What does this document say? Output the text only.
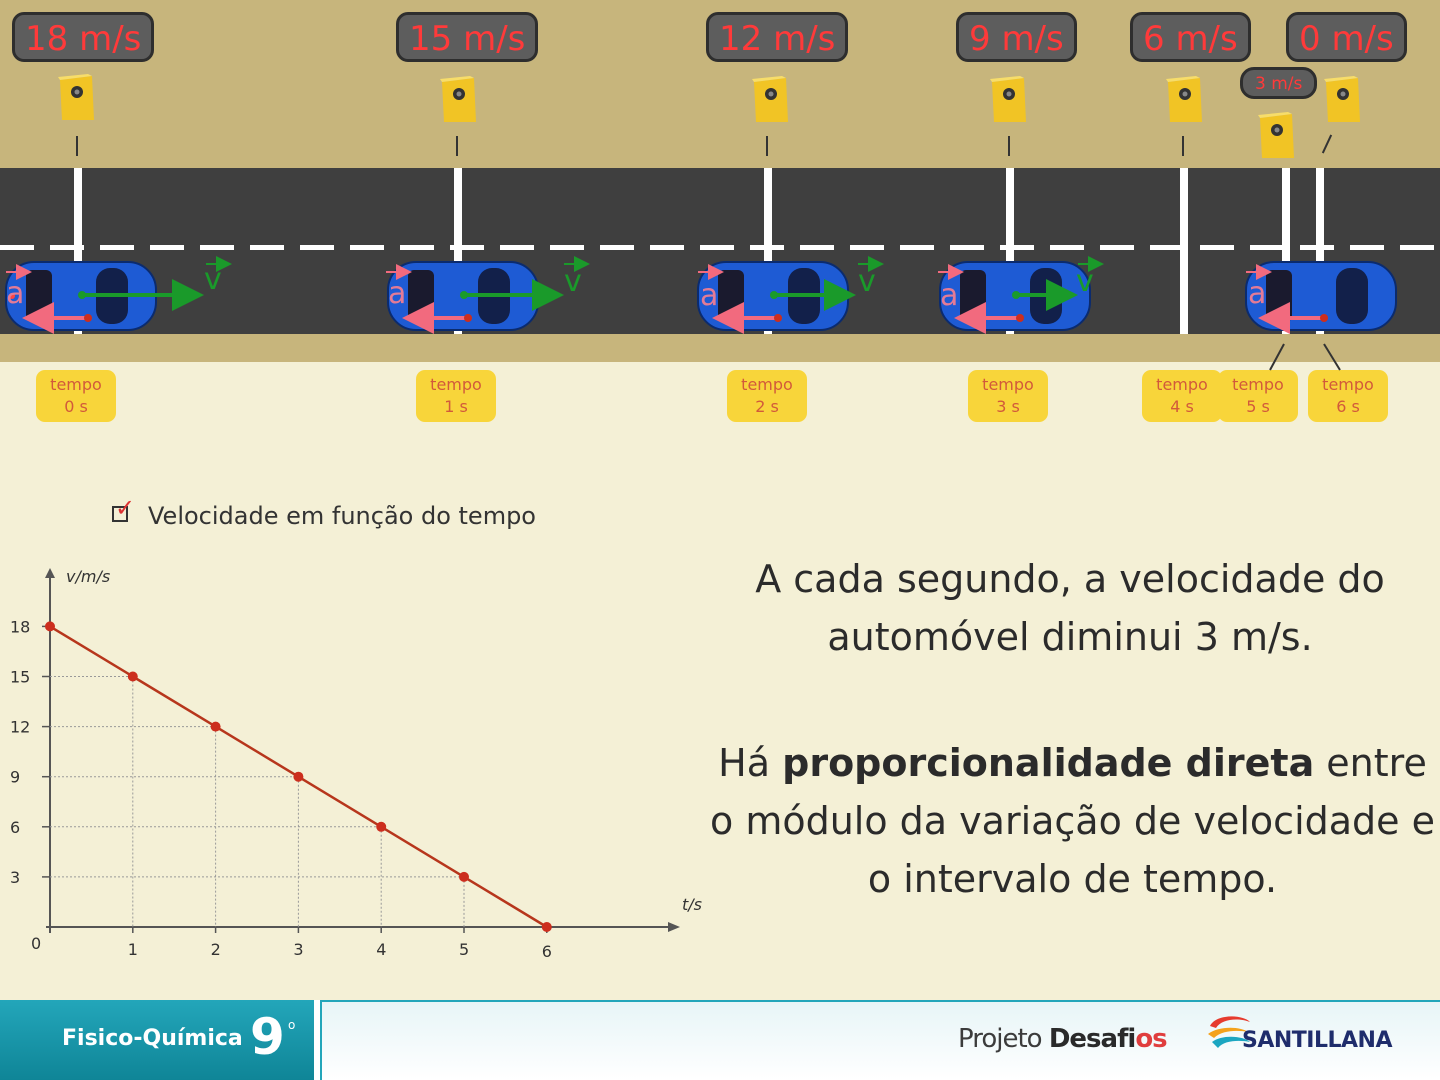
18 m/s	15 m/s	12 m/s	9 m/s	6 m/s
3 m/s
0 m/s
a	a	a	a	a
v	v	v	v
tempo
0 s
tempo
1 s
tempo
2 s
tempo
3 s
tempo
4 s
tempo
5 s
tempo
6 s
✓ Velocidade em função do tempo
v/m/s
t/s
3
6
9
12
15
18
0	1	2	3	4	5	6
A cada segundo, a velocidade do automóvel diminui 3 m/s.
Há proporcionalidade direta entre o módulo da variação de velocidade e o intervalo de tempo.
Fisico-Química 9 o	Projeto Desafios	SANTILLANA
